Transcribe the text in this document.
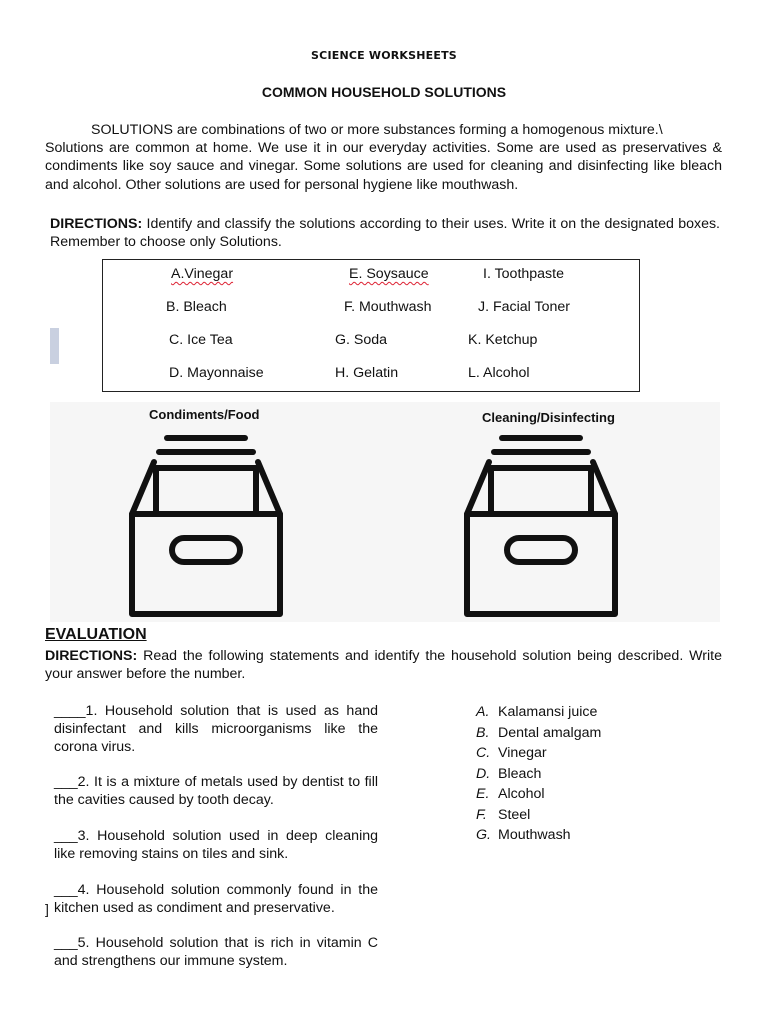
SCIENCE WORKSHEETS
COMMON HOUSEHOLD SOLUTIONS
SOLUTIONS are combinations of two or more substances forming a homogenous mixture.\
Solutions are common at home. We use it in our everyday activities. Some are used as preservatives & condiments like soy sauce and vinegar. Some solutions are used for cleaning and disinfecting like bleach and alcohol. Other solutions are used for personal hygiene like mouthwash.
DIRECTIONS: Identify and classify the solutions according to their uses. Write it on the designated boxes. Remember to choose only Solutions.
A.Vinegar	E. Soysauce	I. Toothpaste
B. Bleach	F. Mouthwash	J. Facial Toner
C. Ice Tea	G. Soda	K. Ketchup
D. Mayonnaise	H. Gelatin	L. Alcohol
Condiments/Food	Cleaning/Disinfecting
EVALUATION
DIRECTIONS: Read the following statements and identify the household solution being described. Write your answer before the number.
____1. Household solution that is used as hand disinfectant and kills microorganisms like the corona virus.
___2. It is a mixture of metals used by dentist to fill the cavities caused by tooth decay.
___3. Household solution used in deep cleaning like removing stains on tiles and sink.
___4. Household solution commonly found in the kitchen used as condiment and preservative.
___5. Household solution that is rich in vitamin C and strengthens our immune system.
]
A. Kalamansi juice
B. Dental amalgam
C. Vinegar
D. Bleach
E. Alcohol
F. Steel
G. Mouthwash
